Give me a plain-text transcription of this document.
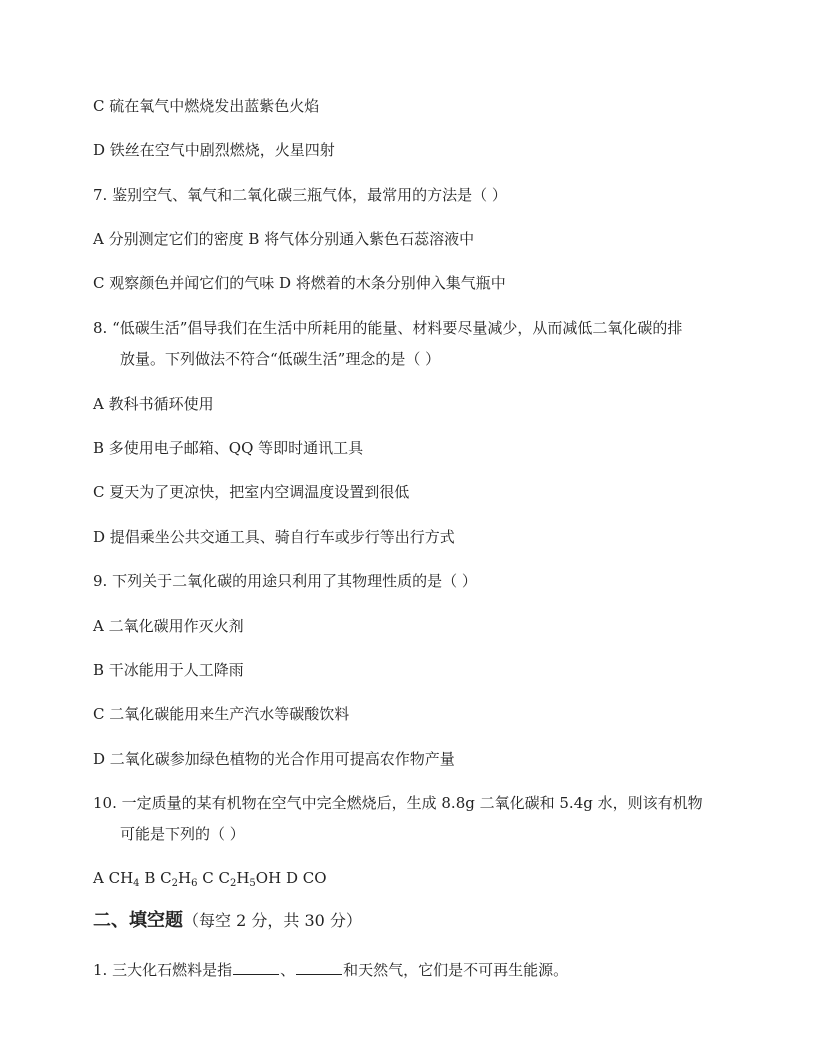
C 硫在氧气中燃烧发出蓝紫色火焰
D 铁丝在空气中剧烈燃烧，火星四射
7. 鉴别空气、氧气和二氧化碳三瓶气体，最常用的方法是（ ）
A 分别测定它们的密度 B 将气体分别通入紫色石蕊溶液中
C 观察颜色并闻它们的气味 D 将燃着的木条分别伸入集气瓶中
8. “低碳生活”倡导我们在生活中所耗用的能量、材料要尽量减少，从而减低二氧化碳的排
放量。下列做法不符合“低碳生活”理念的是（ ）
A 教科书循环使用
B 多使用电子邮箱、QQ 等即时通讯工具
C 夏天为了更凉快，把室内空调温度设置到很低
D 提倡乘坐公共交通工具、骑自行车或步行等出行方式
9. 下列关于二氧化碳的用途只利用了其物理性质的是（ ）
A 二氧化碳用作灭火剂
B 干冰能用于人工降雨
C 二氧化碳能用来生产汽水等碳酸饮料
D 二氧化碳参加绿色植物的光合作用可提高农作物产量
10. 一定质量的某有机物在空气中完全燃烧后，生成 8.8g 二氧化碳和 5.4g 水，则该有机物
可能是下列的（ ）
A $CH_4$ B $C_2H_6$ C $C_2H_5OH$ D CO
二、填空题（每空 2 分，共 30 分）
1. 三大化石燃料是指	、	和天然气，它们是不可再生能源。
